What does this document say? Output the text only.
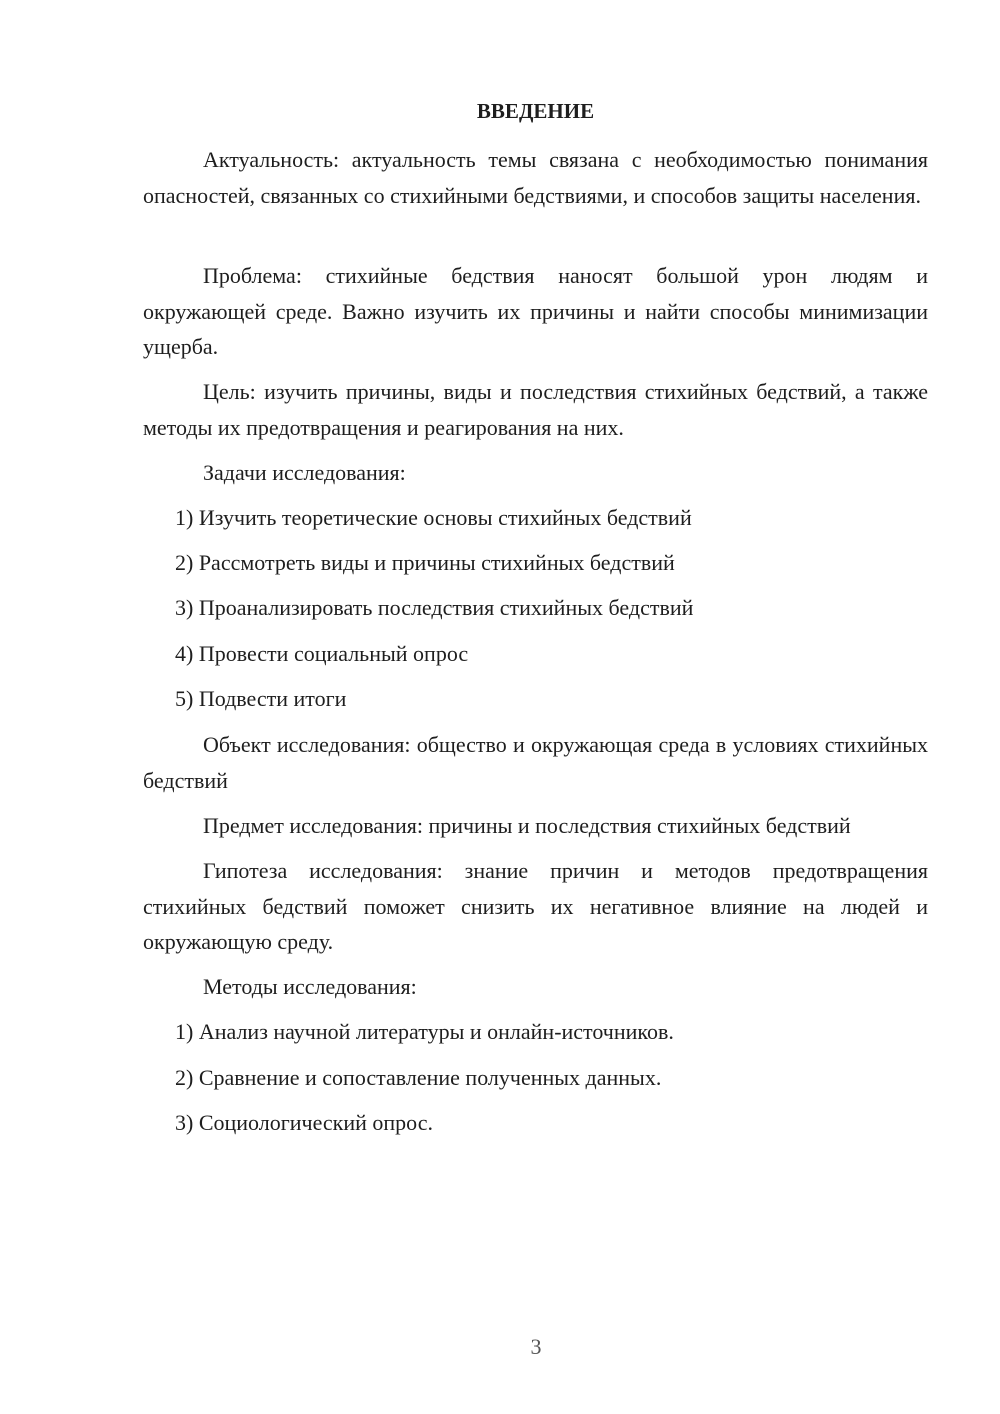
ВВЕДЕНИЕ

Актуальность: актуальность темы связана с необходимостью понимания опасностей, связанных со стихийными бедствиями, и способов защиты населения.

Проблема: стихийные бедствия наносят большой урон людям и окружающей среде. Важно изучить их причины и найти способы минимизации ущерба.

Цель: изучить причины, виды и последствия стихийных бедствий, а также методы их предотвращения и реагирования на них.

Задачи исследования:

1) Изучить теоретические основы стихийных бедствий

2) Рассмотреть виды и причины стихийных бедствий

3) Проанализировать последствия стихийных бедствий

4) Провести социальный опрос

5) Подвести итоги

Объект исследования: общество и окружающая среда в условиях стихийных бедствий

Предмет исследования: причины и последствия стихийных бедствий

Гипотеза исследования: знание причин и методов предотвращения стихийных бедствий поможет снизить их негативное влияние на людей и окружающую среду.

Методы исследования:

1) Анализ научной литературы и онлайн-источников.

2) Сравнение и сопоставление полученных данных.

3) Социологический опрос.

3
